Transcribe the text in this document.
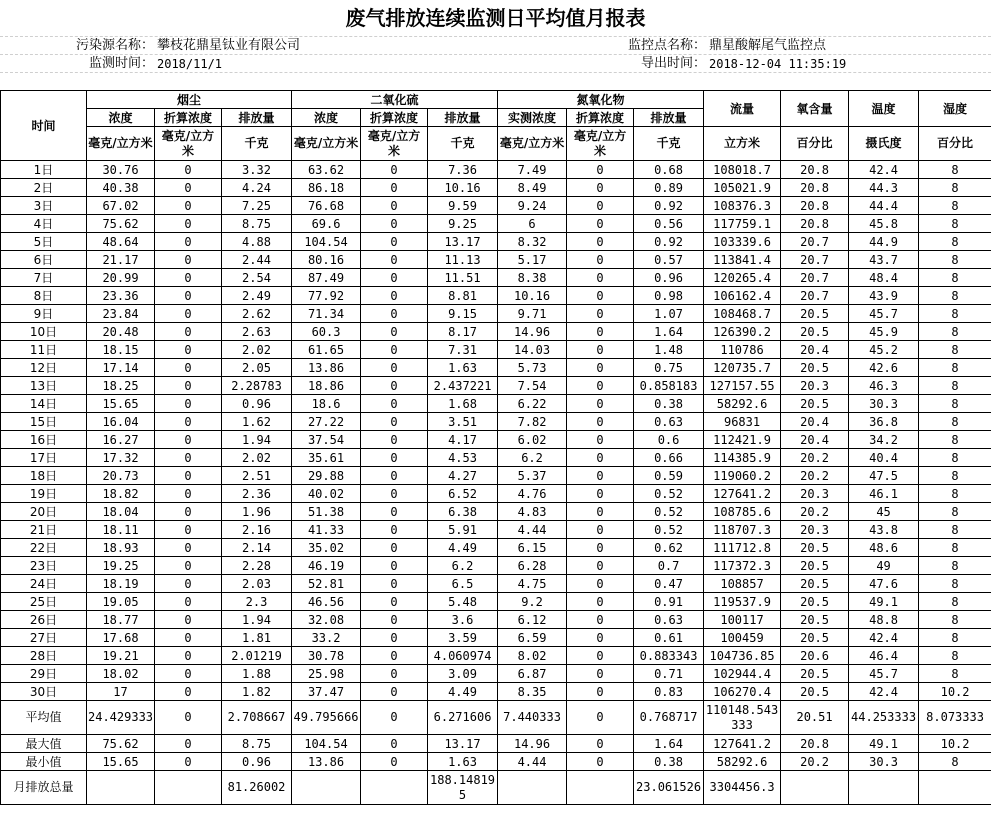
废气排放连续监测日平均值月报表
污染源名称： 攀枝花鼎星钛业有限公司	监控点名称： 鼎星酸解尾气监控点
监测时间： 2018/11/1	导出时间： 2018-12-04 11:35:19
时间	烟尘			二氧化硫			氮氧化物			流量	氧含量	温度	湿度
	浓度	折算浓度	排放量	浓度	折算浓度	排放量	实测浓度	折算浓度	排放量				
	毫克/立方米	毫克/立方米	千克	毫克/立方米	毫克/立方米	千克	毫克/立方米	毫克/立方米	千克	立方米	百分比	摄氏度	百分比
1日	30.76	0	3.32	63.62	0	7.36	7.49	0	0.68	108018.7	20.8	42.4	8
2日	40.38	0	4.24	86.18	0	10.16	8.49	0	0.89	105021.9	20.8	44.3	8
3日	67.02	0	7.25	76.68	0	9.59	9.24	0	0.92	108376.3	20.8	44.4	8
4日	75.62	0	8.75	69.6	0	9.25	6	0	0.56	117759.1	20.8	45.8	8
5日	48.64	0	4.88	104.54	0	13.17	8.32	0	0.92	103339.6	20.7	44.9	8
6日	21.17	0	2.44	80.16	0	11.13	5.17	0	0.57	113841.4	20.7	43.7	8
7日	20.99	0	2.54	87.49	0	11.51	8.38	0	0.96	120265.4	20.7	48.4	8
8日	23.36	0	2.49	77.92	0	8.81	10.16	0	0.98	106162.4	20.7	43.9	8
9日	23.84	0	2.62	71.34	0	9.15	9.71	0	1.07	108468.7	20.5	45.7	8
10日	20.48	0	2.63	60.3	0	8.17	14.96	0	1.64	126390.2	20.5	45.9	8
11日	18.15	0	2.02	61.65	0	7.31	14.03	0	1.48	110786	20.4	45.2	8
12日	17.14	0	2.05	13.86	0	1.63	5.73	0	0.75	120735.7	20.5	42.6	8
13日	18.25	0	2.28783	18.86	0	2.437221	7.54	0	0.858183	127157.55	20.3	46.3	8
14日	15.65	0	0.96	18.6	0	1.68	6.22	0	0.38	58292.6	20.5	30.3	8
15日	16.04	0	1.62	27.22	0	3.51	7.82	0	0.63	96831	20.4	36.8	8
16日	16.27	0	1.94	37.54	0	4.17	6.02	0	0.6	112421.9	20.4	34.2	8
17日	17.32	0	2.02	35.61	0	4.53	6.2	0	0.66	114385.9	20.2	40.4	8
18日	20.73	0	2.51	29.88	0	4.27	5.37	0	0.59	119060.2	20.2	47.5	8
19日	18.82	0	2.36	40.02	0	6.52	4.76	0	0.52	127641.2	20.3	46.1	8
20日	18.04	0	1.96	51.38	0	6.38	4.83	0	0.52	108785.6	20.2	45	8
21日	18.11	0	2.16	41.33	0	5.91	4.44	0	0.52	118707.3	20.3	43.8	8
22日	18.93	0	2.14	35.02	0	4.49	6.15	0	0.62	111712.8	20.5	48.6	8
23日	19.25	0	2.28	46.19	0	6.2	6.28	0	0.7	117372.3	20.5	49	8
24日	18.19	0	2.03	52.81	0	6.5	4.75	0	0.47	108857	20.5	47.6	8
25日	19.05	0	2.3	46.56	0	5.48	9.2	0	0.91	119537.9	20.5	49.1	8
26日	18.77	0	1.94	32.08	0	3.6	6.12	0	0.63	100117	20.5	48.8	8
27日	17.68	0	1.81	33.2	0	3.59	6.59	0	0.61	100459	20.5	42.4	8
28日	19.21	0	2.01219	30.78	0	4.060974	8.02	0	0.883343	104736.85	20.6	46.4	8
29日	18.02	0	1.88	25.98	0	3.09	6.87	0	0.71	102944.4	20.5	45.7	8
30日	17	0	1.82	37.47	0	4.49	8.35	0	0.83	106270.4	20.5	42.4	10.2
平均值	24.429333	0	2.708667	49.795666	0	6.271606	7.440333	0	0.768717	110148.543333	20.51	44.253333	8.073333
最大值	75.62	0	8.75	104.54	0	13.17	14.96	0	1.64	127641.2	20.8	49.1	10.2
最小值	15.65	0	0.96	13.86	0	1.63	4.44	0	0.38	58292.6	20.2	30.3	8
月排放总量			81.26002			188.148195			23.061526	3304456.3			
